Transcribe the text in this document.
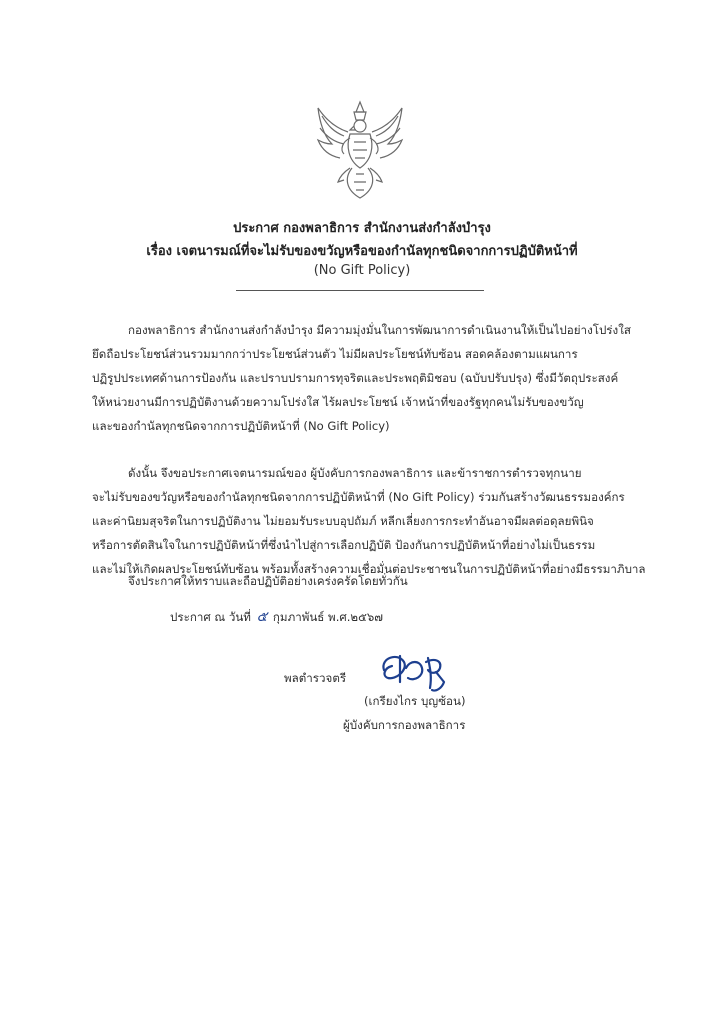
ประกาศ กองพลาธิการ สำนักงานส่งกำลังบำรุง
เรื่อง เจตนารมณ์ที่จะไม่รับของขวัญหรือของกำนัลทุกชนิดจากการปฏิบัติหน้าที่
(No Gift Policy)
กองพลาธิการ สำนักงานส่งกำลังบำรุง มีความมุ่งมั่นในการพัฒนาการดำเนินงานให้เป็นไปอย่างโปร่งใส
ยึดถือประโยชน์ส่วนรวมมากกว่าประโยชน์ส่วนตัว ไม่มีผลประโยชน์ทับซ้อน สอดคล้องตามแผนการ
ปฏิรูปประเทศด้านการป้องกัน และปราบปรามการทุจริตและประพฤติมิชอบ (ฉบับปรับปรุง) ซึ่งมีวัตถุประสงค์
ให้หน่วยงานมีการปฏิบัติงานด้วยความโปร่งใส ไร้ผลประโยชน์ เจ้าหน้าที่ของรัฐทุกคนไม่รับของขวัญ
และของกำนัลทุกชนิดจากการปฏิบัติหน้าที่ (No Gift Policy)
ดังนั้น จึงขอประกาศเจตนารมณ์ของ ผู้บังคับการกองพลาธิการ และข้าราชการตำรวจทุกนาย
จะไม่รับของขวัญหรือของกำนัลทุกชนิดจากการปฏิบัติหน้าที่ (No Gift Policy) ร่วมกันสร้างวัฒนธรรมองค์กร
และค่านิยมสุจริตในการปฏิบัติงาน ไม่ยอมรับระบบอุปถัมภ์ หลีกเลี่ยงการกระทำอันอาจมีผลต่อดุลยพินิจ
หรือการตัดสินใจในการปฏิบัติหน้าที่ซึ่งนำไปสู่การเลือกปฏิบัติ ป้องกันการปฏิบัติหน้าที่อย่างไม่เป็นธรรม
และไม่ให้เกิดผลประโยชน์ทับซ้อน พร้อมทั้งสร้างความเชื่อมั่นต่อประชาชนในการปฏิบัติหน้าที่อย่างมีธรรมาภิบาล
จึงประกาศให้ทราบและถือปฏิบัติอย่างเคร่งครัดโดยทั่วกัน
ประกาศ ณ วันที่ ๕ กุมภาพันธ์ พ.ศ.๒๕๖๗
พลตำรวจตรี
(เกรียงไกร บุญซ้อน)
ผู้บังคับการกองพลาธิการ
